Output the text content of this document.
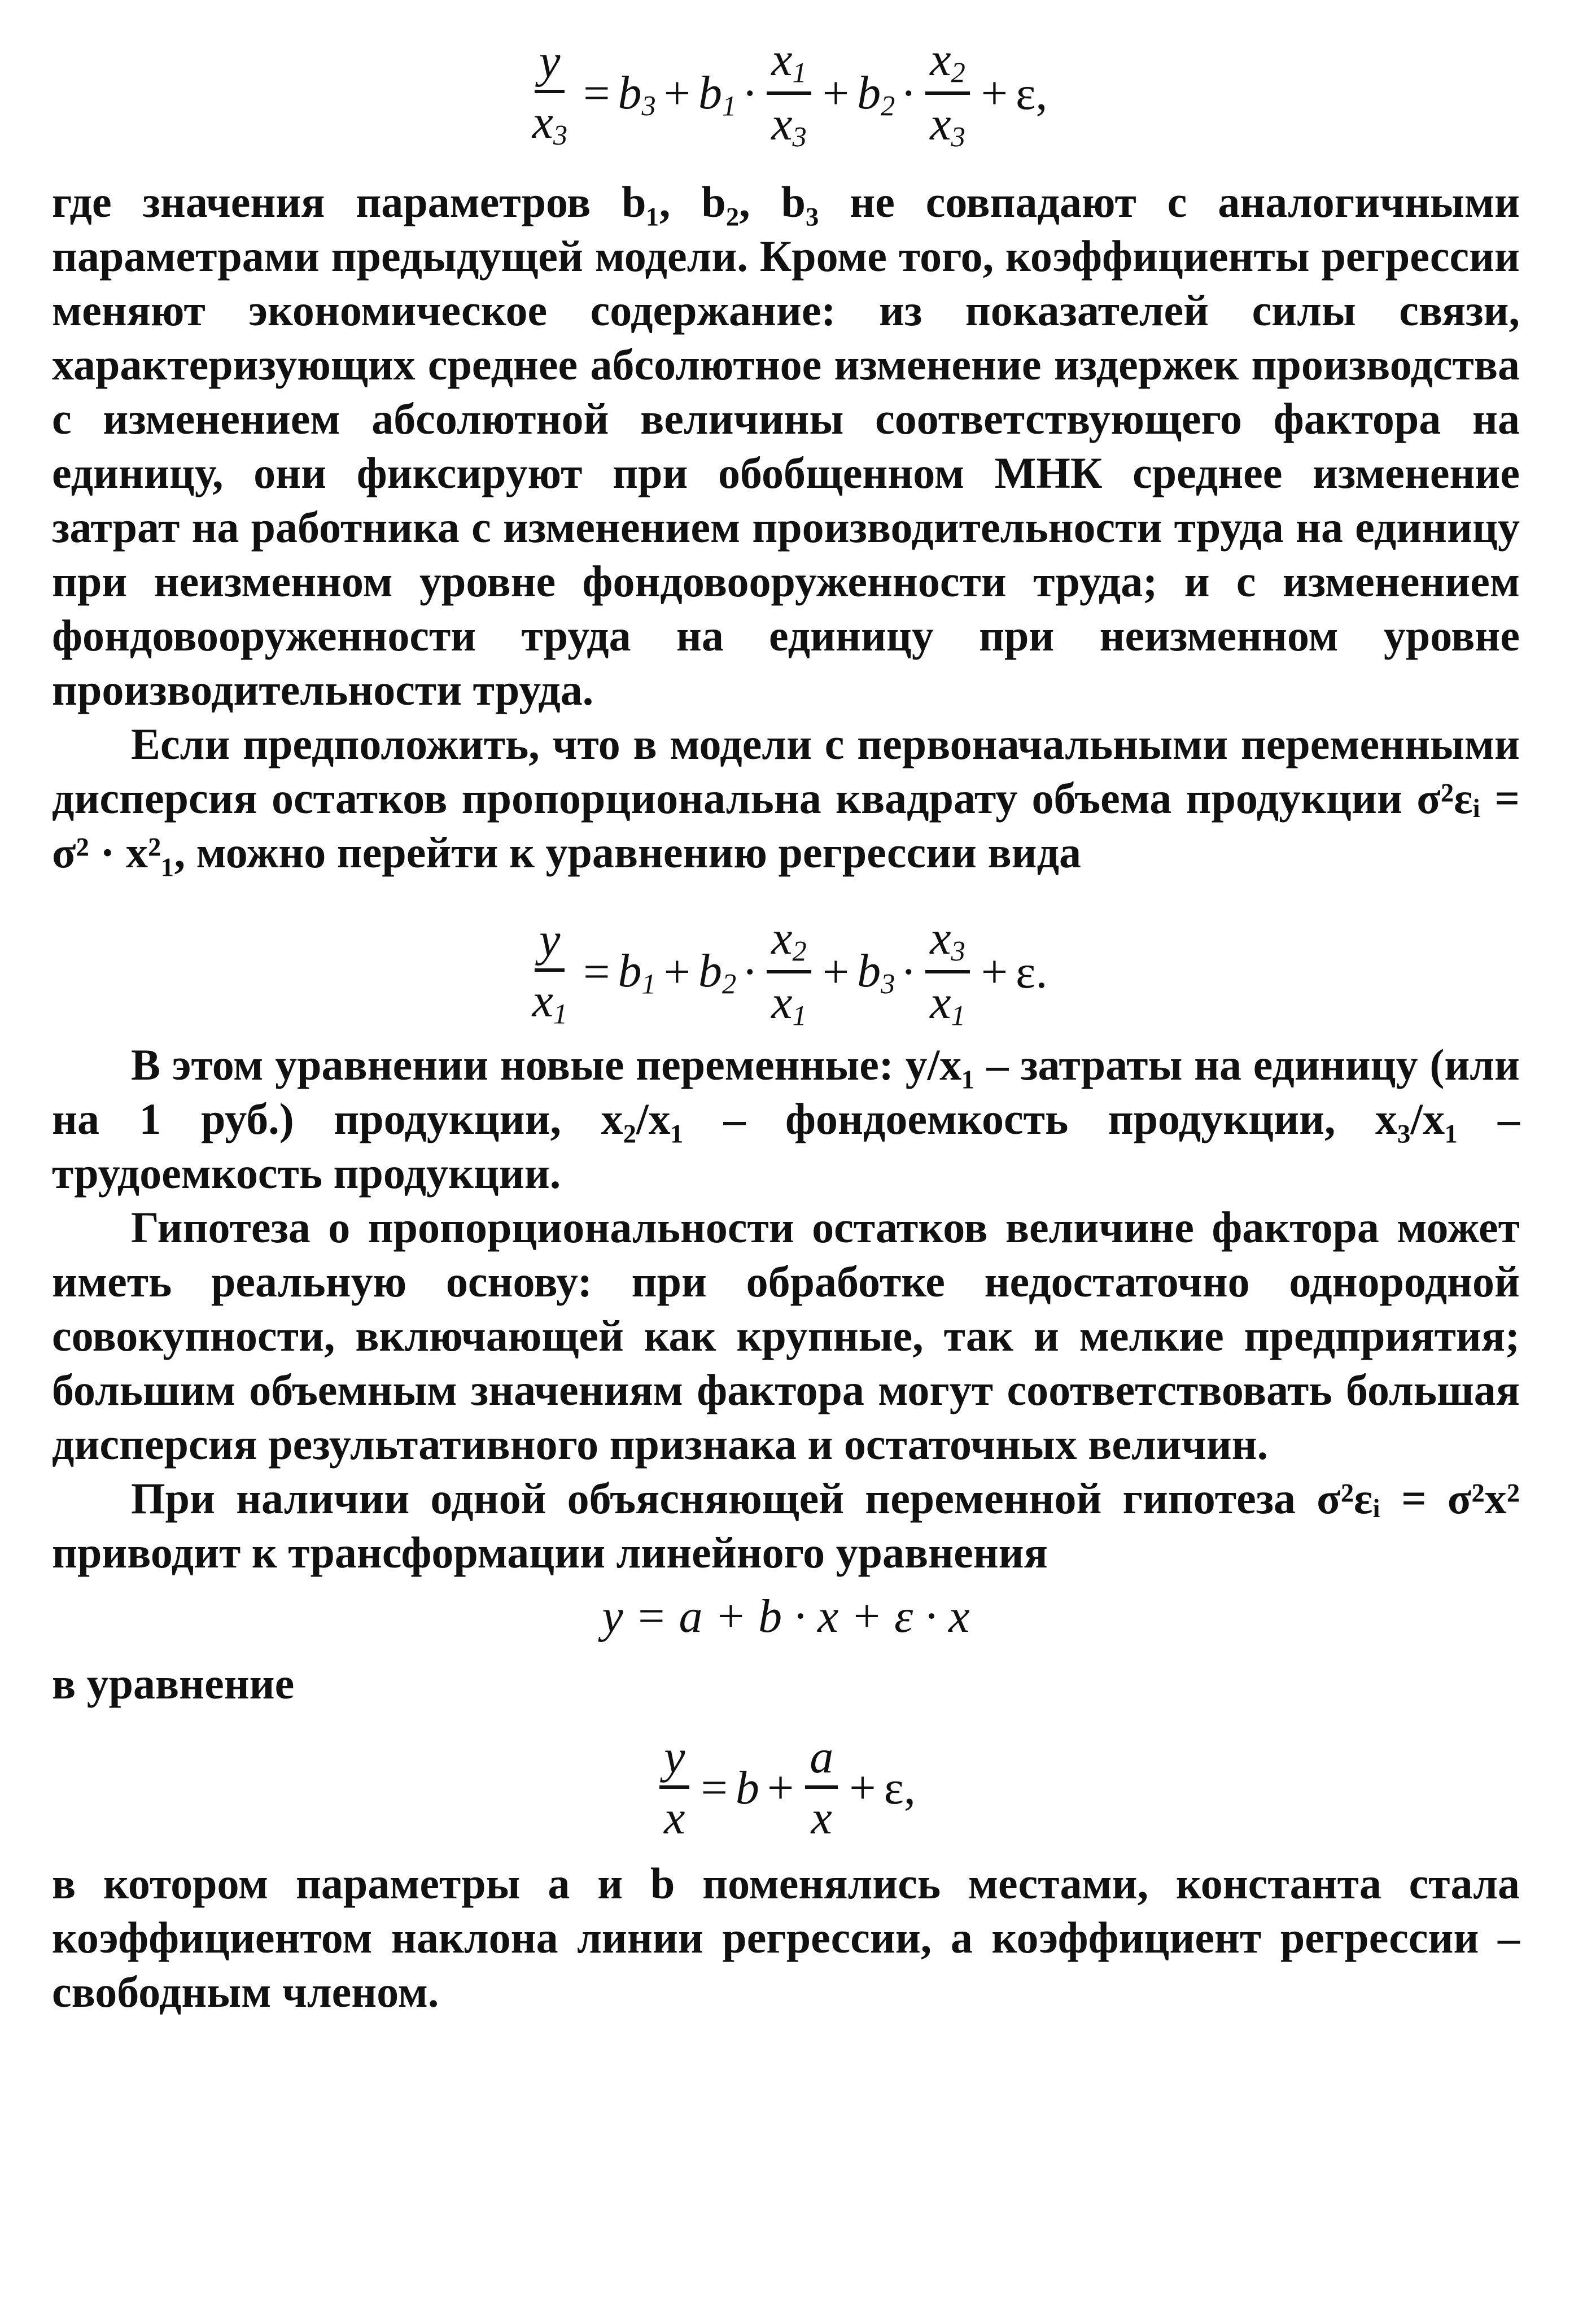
$\frac{y}{x_3} = b_3 + b_1 \cdot \frac{x_1}{x_3} + b_2 \cdot \frac{x_2}{x_3} + \varepsilon$,

где значения параметров b₁, b₂, b₃ не совпадают с аналогичными параметрами предыдущей модели. Кроме того, коэффициенты регрессии меняют экономическое содержание: из показателей силы связи, характеризующих среднее абсолютное изменение издержек производства с изменением абсолютной величины соответствующего фактора на единицу, они фиксируют при обобщенном МНК среднее изменение затрат на работника с изменением производительности труда на единицу при неизменном уровне фондовооруженности труда; и с изменением фондовооруженности труда на единицу при неизменном уровне производительности труда.

Если предположить, что в модели с первоначальными переменными дисперсия остатков пропорциональна квадрату объема продукции σ²εᵢ = σ² · x²₁, можно перейти к уравнению регрессии вида

$\frac{y}{x_1} = b_1 + b_2 \cdot \frac{x_2}{x_1} + b_3 \cdot \frac{x_3}{x_1} + \varepsilon$.

В этом уравнении новые переменные: y/x₁ – затраты на единицу (или на 1 руб.) продукции, x₂/x₁ – фондоемкость продукции, x₃/x₁ – трудоемкость продукции.

Гипотеза о пропорциональности остатков величине фактора может иметь реальную основу: при обработке недостаточно однородной совокупности, включающей как крупные, так и мелкие предприятия; большим объемным значениям фактора могут соответствовать большая дисперсия результативного признака и остаточных величин.

При наличии одной объясняющей переменной гипотеза σ²εᵢ = σ²x² приводит к трансформации линейного уравнения

y = a + b · x + ε · x

в уравнение

$\frac{y}{x} = b + \frac{a}{x} + \varepsilon$,

в котором параметры a и b поменялись местами, константа стала коэффициентом наклона линии регрессии, а коэффициент регрессии – свободным членом.
